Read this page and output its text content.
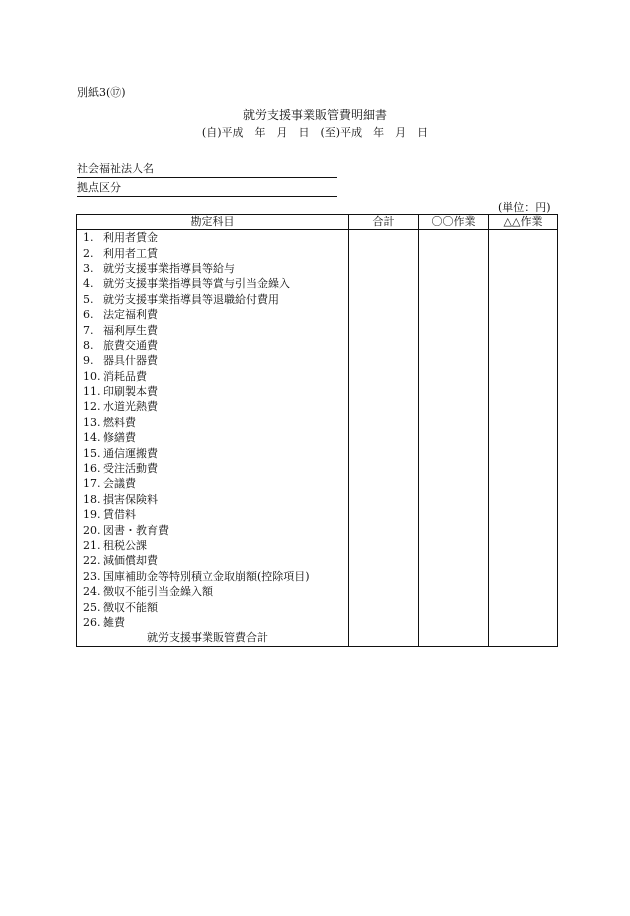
別紙3(⑰)
就労支援事業販管費明細書
(自)平成　年　月　日　(至)平成　年　月　日
社会福祉法人名
拠点区分
(単位：円)
勘定科目	合計	〇〇作業	△△作業
1. 利用者賃金			
2. 利用者工賃			
3. 就労支援事業指導員等給与			
4. 就労支援事業指導員等賞与引当金繰入			
5. 就労支援事業指導員等退職給付費用			
6. 法定福利費			
7. 福利厚生費			
8. 旅費交通費			
9. 器具什器費			
10. 消耗品費			
11. 印刷製本費			
12. 水道光熱費			
13. 燃料費			
14. 修繕費			
15. 通信運搬費			
16. 受注活動費			
17. 会議費			
18. 損害保険料			
19. 賃借料			
20. 図書・教育費			
21. 租税公課			
22. 減価償却費			
23. 国庫補助金等特別積立金取崩額(控除項目)			
24. 徴収不能引当金繰入額			
25. 徴収不能額			
26. 雑費			
就労支援事業販管費合計			
